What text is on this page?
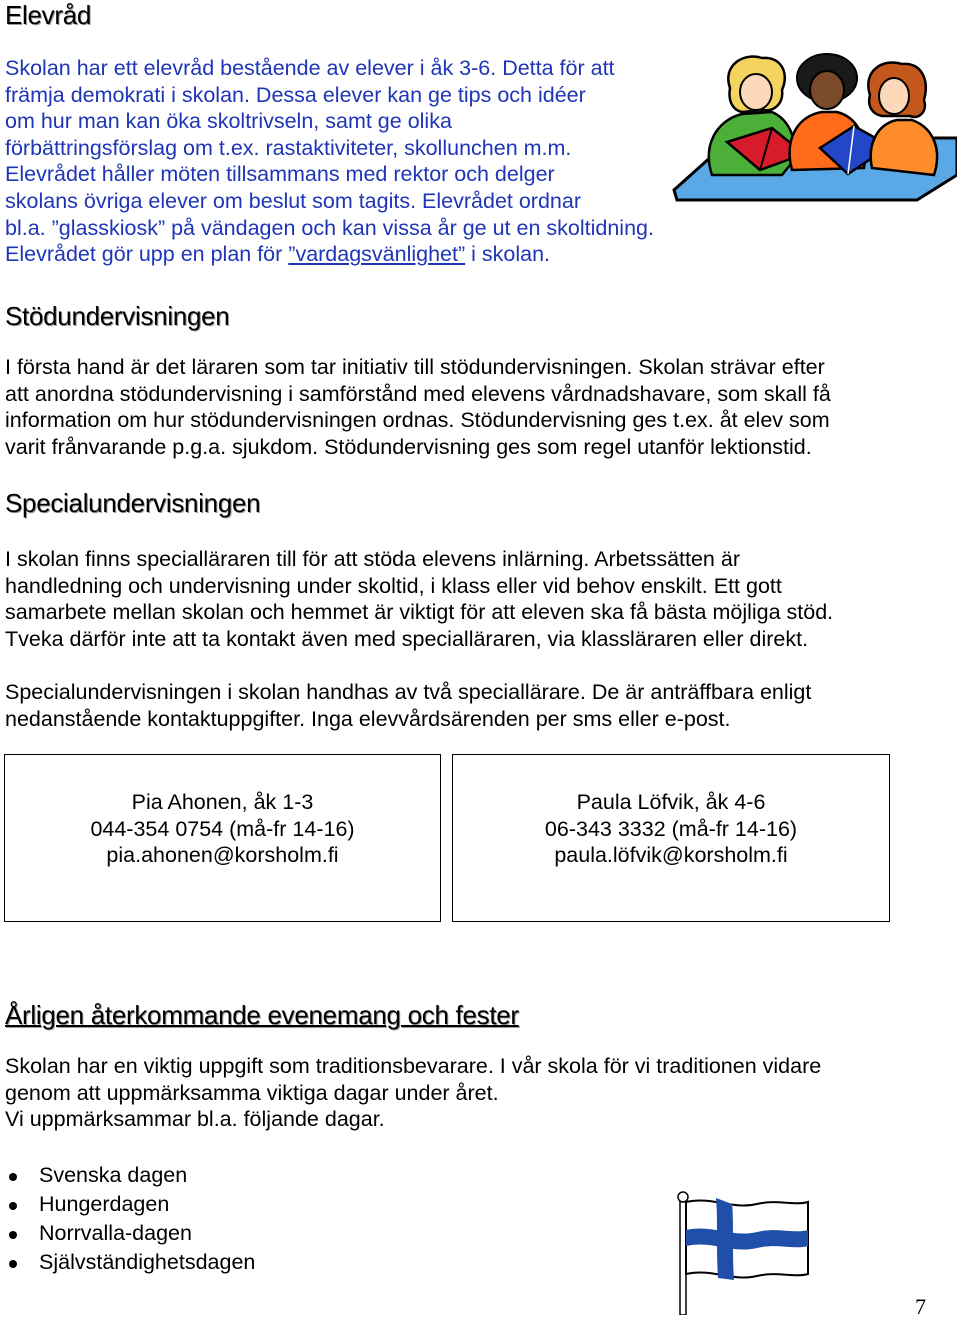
Elevråd
Skolan har ett elevråd bestående av elever i åk 3-6. Detta för att
främja demokrati i skolan. Dessa elever kan ge tips och idéer
om hur man kan öka skoltrivseln, samt ge olika
förbättringsförslag om t.ex. rastaktiviteter, skollunchen m.m.
Elevrådet håller möten tillsammans med rektor och delger
skolans övriga elever om beslut som tagits. Elevrådet ordnar
bl.a. ”glasskiosk” på vändagen och kan vissa år ge ut en skoltidning.
Elevrådet gör upp en plan för ”vardagsvänlighet” i skolan.
Stödundervisningen
I första hand är det läraren som tar initiativ till stödundervisningen. Skolan strävar efter
att anordna stödundervisning i samförstånd med elevens vårdnadshavare, som skall få
information om hur stödundervisningen ordnas. Stödundervisning ges t.ex. åt elev som
varit frånvarande p.g.a. sjukdom. Stödundervisning ges som regel utanför lektionstid.
Specialundervisningen
I skolan finns specialläraren till för att stöda elevens inlärning. Arbetssätten är
handledning och undervisning under skoltid, i klass eller vid behov enskilt. Ett gott
samarbete mellan skolan och hemmet är viktigt för att eleven ska få bästa möjliga stöd.
Tveka därför inte att ta kontakt även med specialläraren, via klassläraren eller direkt.
Specialundervisningen i skolan handhas av två speciallärare. De är anträffbara enligt
nedanstående kontaktuppgifter. Inga elevvårdsärenden per sms eller e-post.
Pia Ahonen, åk 1-3
044-354 0754 (må-fr 14-16)
pia.ahonen@korsholm.fi
Paula Löfvik, åk 4-6
06-343 3332 (må-fr 14-16)
paula.löfvik@korsholm.fi
Årligen återkommande evenemang och fester
Skolan har en viktig uppgift som traditionsbevarare. I vår skola för vi traditionen vidare
genom att uppmärksamma viktiga dagar under året.
Vi uppmärksammar bl.a. följande dagar.
Svenska dagen
Hungerdagen
Norrvalla-dagen
Självständighetsdagen
7
